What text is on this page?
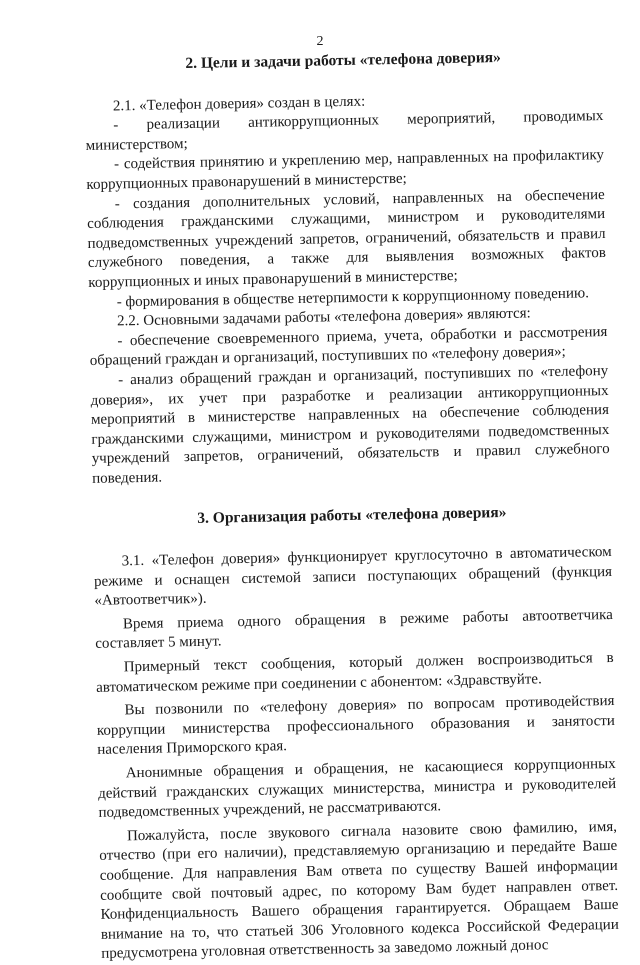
2
2. Цели и задачи работы «телефона доверия»
2.1. «Телефон доверия» создан в целях:
- реализации антикоррупционных мероприятий, проводимых министерством;
- содействия принятию и укреплению мер, направленных на профилактику коррупционных правонарушений в министерстве;
- создания дополнительных условий, направленных на обеспечение соблюдения гражданскими служащими, министром и руководителями подведомственных учреждений запретов, ограничений, обязательств и правил служебного поведения, а также для выявления возможных фактов коррупционных и иных правонарушений в министерстве;
- формирования в обществе нетерпимости к коррупционному поведению.
2.2. Основными задачами работы «телефона доверия» являются:
- обеспечение своевременного приема, учета, обработки и рассмотрения обращений граждан и организаций, поступивших по «телефону доверия»;
- анализ обращений граждан и организаций, поступивших по «телефону доверия», их учет при разработке и реализации антикоррупционных мероприятий в министерстве направленных на обеспечение соблюдения гражданскими служащими, министром и руководителями подведомственных учреждений запретов, ограничений, обязательств и правил служебного поведения.
3. Организация работы «телефона доверия»
3.1. «Телефон доверия» функционирует круглосуточно в автоматическом режиме и оснащен системой записи поступающих обращений (функция «Автоответчик»).
Время приема одного обращения в режиме работы автоответчика составляет 5 минут.
Примерный текст сообщения, который должен воспроизводиться в автоматическом режиме при соединении с абонентом: «Здравствуйте.
Вы позвонили по «телефону доверия» по вопросам противодействия коррупции министерства профессионального образования и занятости населения Приморского края.
Анонимные обращения и обращения, не касающиеся коррупционных действий гражданских служащих министерства, министра и руководителей подведомственных учреждений, не рассматриваются.
Пожалуйста, после звукового сигнала назовите свою фамилию, имя, отчество (при его наличии), представляемую организацию и передайте Ваше сообщение. Для направления Вам ответа по существу Вашей информации сообщите свой почтовый адрес, по которому Вам будет направлен ответ. Конфиденциальность Вашего обращения гарантируется. Обращаем Ваше внимание на то, что статьей 306 Уголовного кодекса Российской Федерации предусмотрена уголовная ответственность за заведомо ложный донос
